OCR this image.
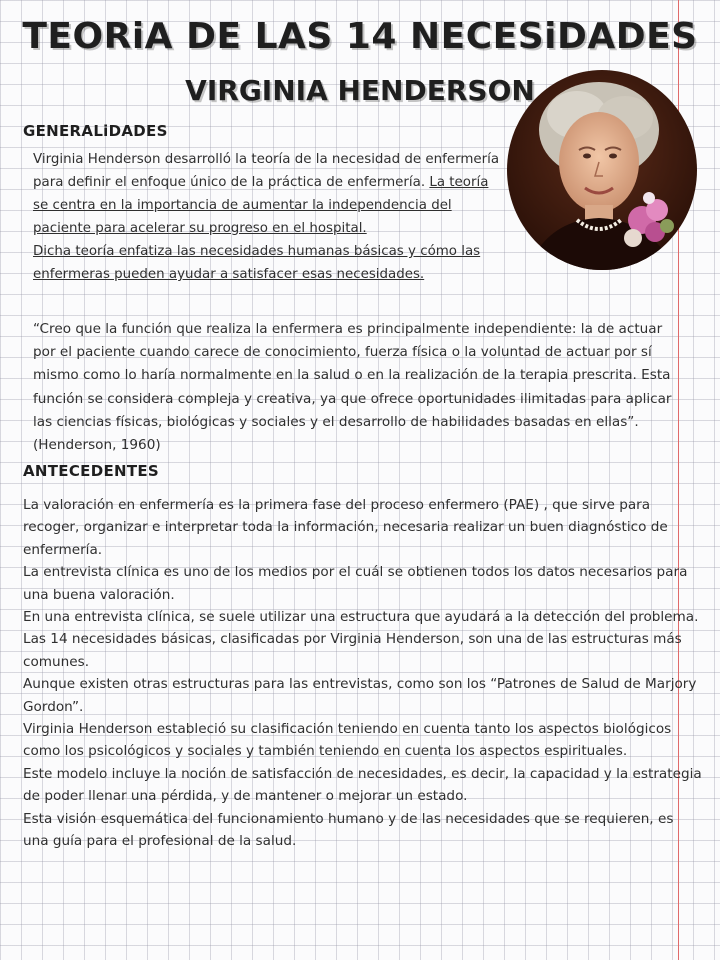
TEORiA DE LAS 14 NECESiDADES
VIRGINIA HENDERSON
GENERALiDADES

Virginia Henderson desarrolló la teoría de la necesidad de enfermería para definir el enfoque único de la práctica de enfermería. La teoría se centra en la importancia de aumentar la independencia del paciente para acelerar su progreso en el hospital.

Dicha teoría enfatiza las necesidades humanas básicas y cómo las enfermeras pueden ayudar a satisfacer esas necesidades.

“Creo que la función que realiza la enfermera es principalmente independiente: la de actuar por el paciente cuando carece de conocimiento, fuerza física o la voluntad de actuar por sí mismo como lo haría normalmente en la salud o en la realización de la terapia prescrita. Esta función se considera compleja y creativa, ya que ofrece oportunidades ilimitadas para aplicar las ciencias físicas, biológicas y sociales y el desarrollo de habilidades basadas en ellas”. (Henderson, 1960)

ANTECEDENTES

La valoración en enfermería es la primera fase del proceso enfermero (PAE) , que sirve para recoger, organizar e interpretar toda la información, necesaria realizar un buen diagnóstico de enfermería.

La entrevista clínica es uno de los medios por el cuál se obtienen todos los datos necesarios para una buena valoración.

En una entrevista clínica, se suele utilizar una estructura que ayudará a la detección del problema. Las 14 necesidades básicas, clasificadas por Virginia Henderson, son una de las estructuras más comunes.

Aunque existen otras estructuras para las entrevistas, como son los “Patrones de Salud de Marjory Gordon”.

Virginia Henderson estableció su clasificación teniendo en cuenta tanto los aspectos biológicos como los psicológicos y sociales y también teniendo en cuenta los aspectos espirituales.

Este modelo incluye la noción de satisfacción de necesidades, es decir, la capacidad y la estrategia de poder llenar una pérdida, y de mantener o mejorar un estado.

Esta visión esquemática del funcionamiento humano y de las necesidades que se requieren, es una guía para el profesional de la salud.
